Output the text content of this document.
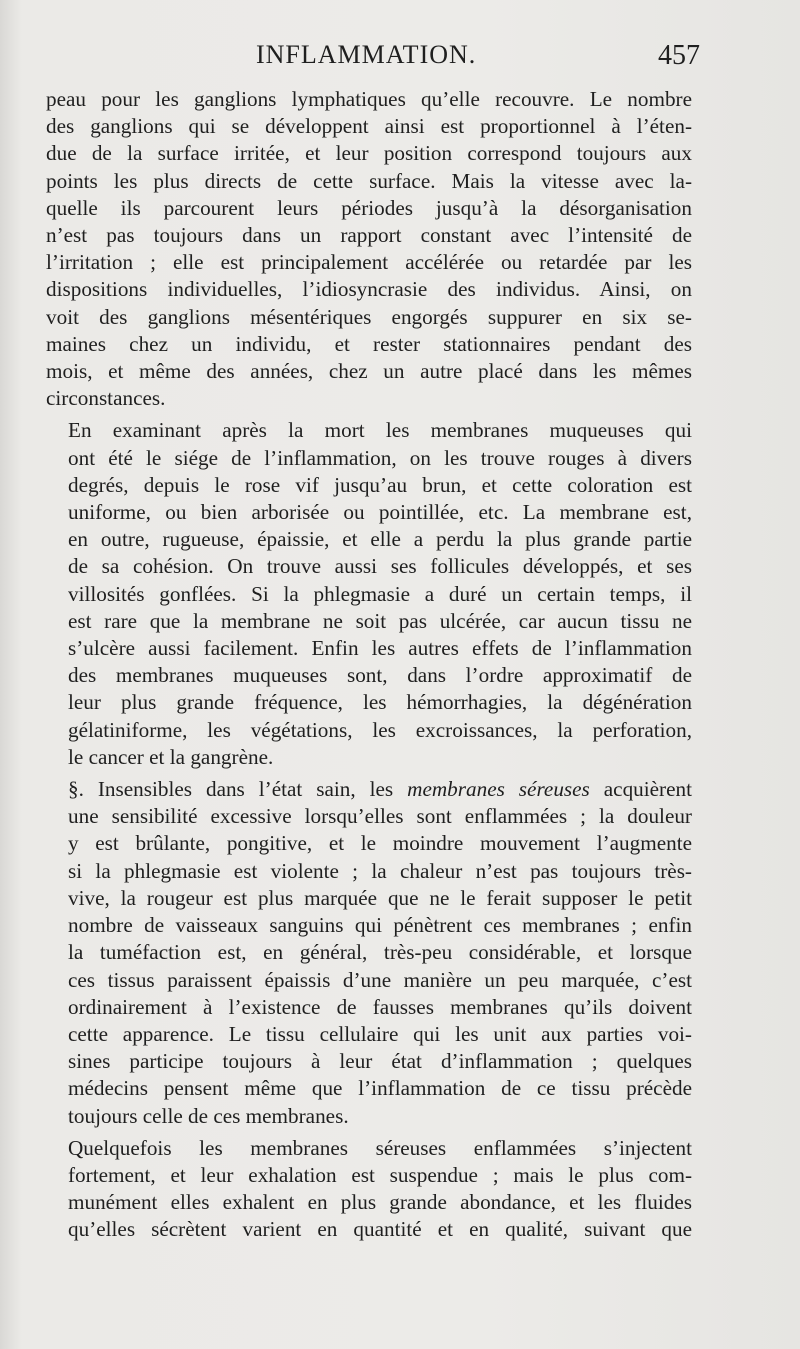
INFLAMMATION.	457

peau pour les ganglions lymphatiques qu’elle recouvre. Le nombre
des ganglions qui se développent ainsi est proportionnel à l’éten-
due de la surface irritée, et leur position correspond toujours aux
points les plus directs de cette surface. Mais la vitesse avec la-
quelle ils parcourent leurs périodes jusqu’à la désorganisation
n’est pas toujours dans un rapport constant avec l’intensité de
l’irritation ; elle est principalement accélérée ou retardée par les
dispositions individuelles, l’idiosyncrasie des individus. Ainsi, on
voit des ganglions mésentériques engorgés suppurer en six se-
maines chez un individu, et rester stationnaires pendant des
mois, et même des années, chez un autre placé dans les mêmes
circonstances.

En examinant après la mort les membranes muqueuses qui
ont été le siége de l’inflammation, on les trouve rouges à divers
degrés, depuis le rose vif jusqu’au brun, et cette coloration est
uniforme, ou bien arborisée ou pointillée, etc. La membrane est,
en outre, rugueuse, épaissie, et elle a perdu la plus grande partie
de sa cohésion. On trouve aussi ses follicules développés, et ses
villosités gonflées. Si la phlegmasie a duré un certain temps, il
est rare que la membrane ne soit pas ulcérée, car aucun tissu ne
s’ulcère aussi facilement. Enfin les autres effets de l’inflammation
des membranes muqueuses sont, dans l’ordre approximatif de
leur plus grande fréquence, les hémorrhagies, la dégénération
gélatiniforme, les végétations, les excroissances, la perforation,
le cancer et la gangrène.

§. Insensibles dans l’état sain, les membranes séreuses acquièrent
une sensibilité excessive lorsqu’elles sont enflammées ; la douleur
y est brûlante, pongitive, et le moindre mouvement l’augmente
si la phlegmasie est violente ; la chaleur n’est pas toujours très-
vive, la rougeur est plus marquée que ne le ferait supposer le petit
nombre de vaisseaux sanguins qui pénètrent ces membranes ; enfin
la tuméfaction est, en général, très-peu considérable, et lorsque
ces tissus paraissent épaissis d’une manière un peu marquée, c’est
ordinairement à l’existence de fausses membranes qu’ils doivent
cette apparence. Le tissu cellulaire qui les unit aux parties voi-
sines participe toujours à leur état d’inflammation ; quelques
médecins pensent même que l’inflammation de ce tissu précède
toujours celle de ces membranes.

Quelquefois les membranes séreuses enflammées s’injectent
fortement, et leur exhalation est suspendue ; mais le plus com-
munément elles exhalent en plus grande abondance, et les fluides
qu’elles sécrètent varient en quantité et en qualité, suivant que
